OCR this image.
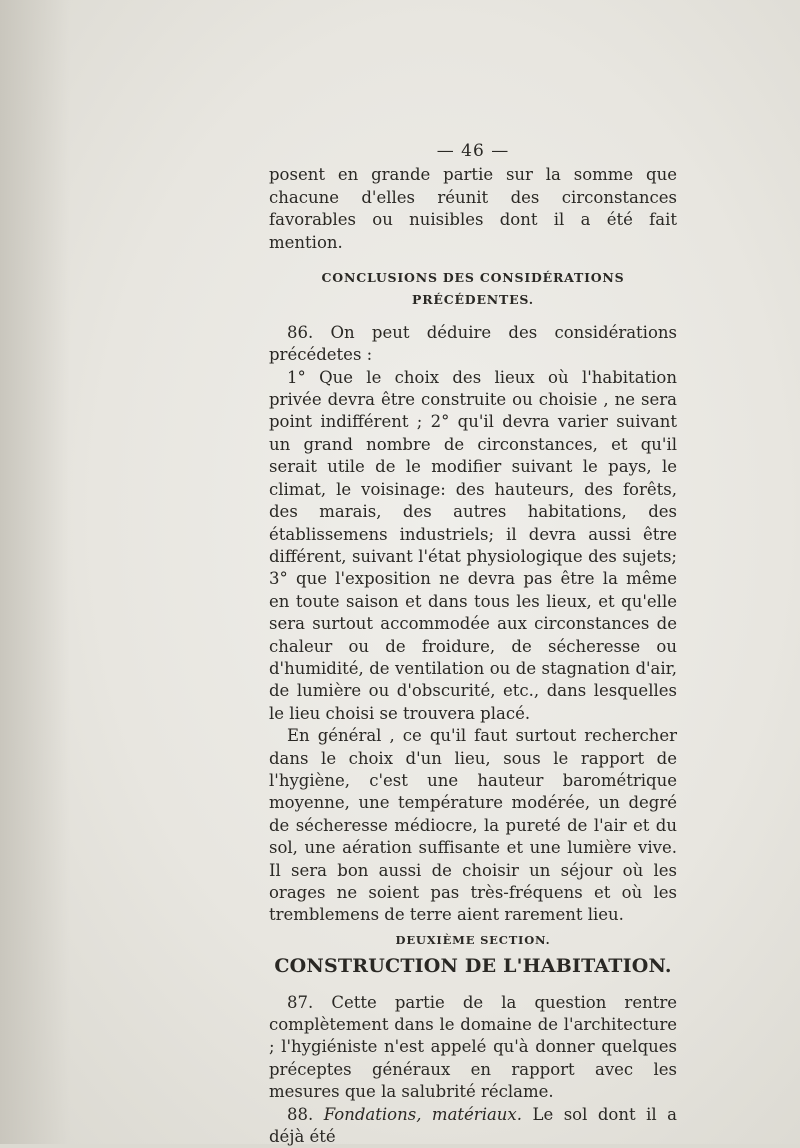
— 46 —

posent en grande partie sur la somme que chacune d'elles réunit des circonstances favorables ou nuisibles dont il a été fait mention.

CONCLUSIONS DES CONSIDÉRATIONS PRÉCÉDENTES.

86. On peut déduire des considérations précédetes :

1° Que le choix des lieux où l'habitation privée devra être construite ou choisie , ne sera point indifférent ; 2° qu'il devra varier suivant un grand nombre de circonstances, et qu'il serait utile de le modifier suivant le pays, le climat, le voisinage: des hauteurs, des forêts, des marais, des autres habitations, des établissemens industriels; il devra aussi être différent, suivant l'état physiologique des sujets; 3° que l'exposition ne devra pas être la même en toute saison et dans tous les lieux, et qu'elle sera surtout accommodée aux circonstances de chaleur ou de froidure, de sécheresse ou d'humidité, de ventilation ou de stagnation d'air, de lumière ou d'obscurité, etc., dans lesquelles le lieu choisi se trouvera placé.

En général , ce qu'il faut surtout rechercher dans le choix d'un lieu, sous le rapport de l'hygiène, c'est une hauteur barométrique moyenne, une température modérée, un degré de sécheresse médiocre, la pureté de l'air et du sol, une aération suffisante et une lumière vive. Il sera bon aussi de choisir un séjour où les orages ne soient pas très-fréquens et où les tremblemens de terre aient rarement lieu.

DEUXIÈME SECTION.
CONSTRUCTION DE L'HABITATION.

87. Cette partie de la question rentre complètement dans le domaine de l'architecture ; l'hygiéniste n'est appelé qu'à donner quelques préceptes généraux en rapport avec les mesures que la salubrité réclame.

88. Fondations, matériaux. Le sol dont il a déjà été
